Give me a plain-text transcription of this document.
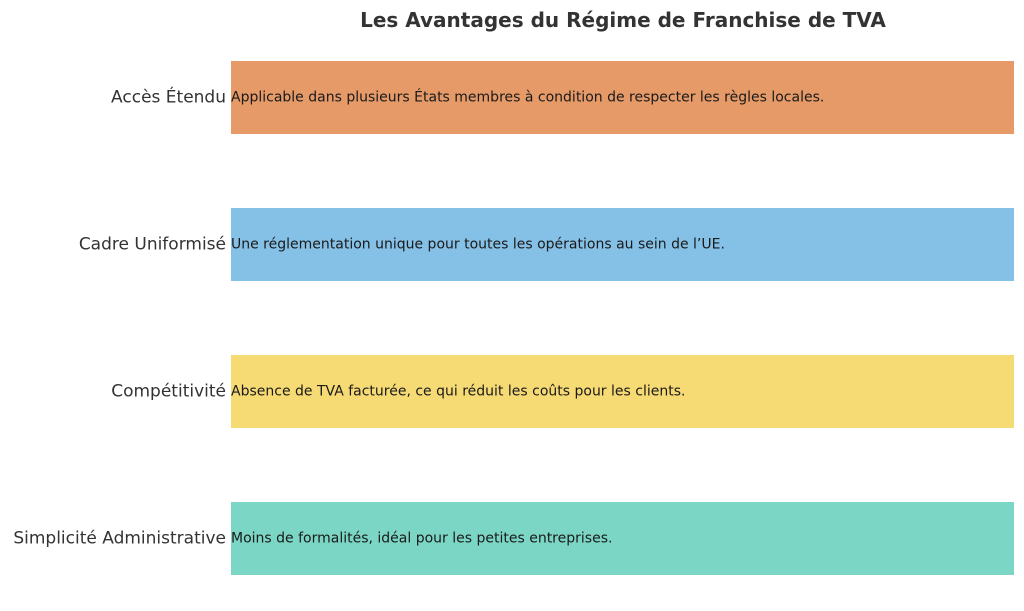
Les Avantages du Régime de Franchise de TVA
Accès Étendu Applicable dans plusieurs États membres à condition de respecter les règles locales.
Cadre Uniformisé Une réglementation unique pour toutes les opérations au sein de l’UE.
Compétitivité Absence de TVA facturée, ce qui réduit les coûts pour les clients.
Simplicité Administrative Moins de formalités, idéal pour les petites entreprises.
